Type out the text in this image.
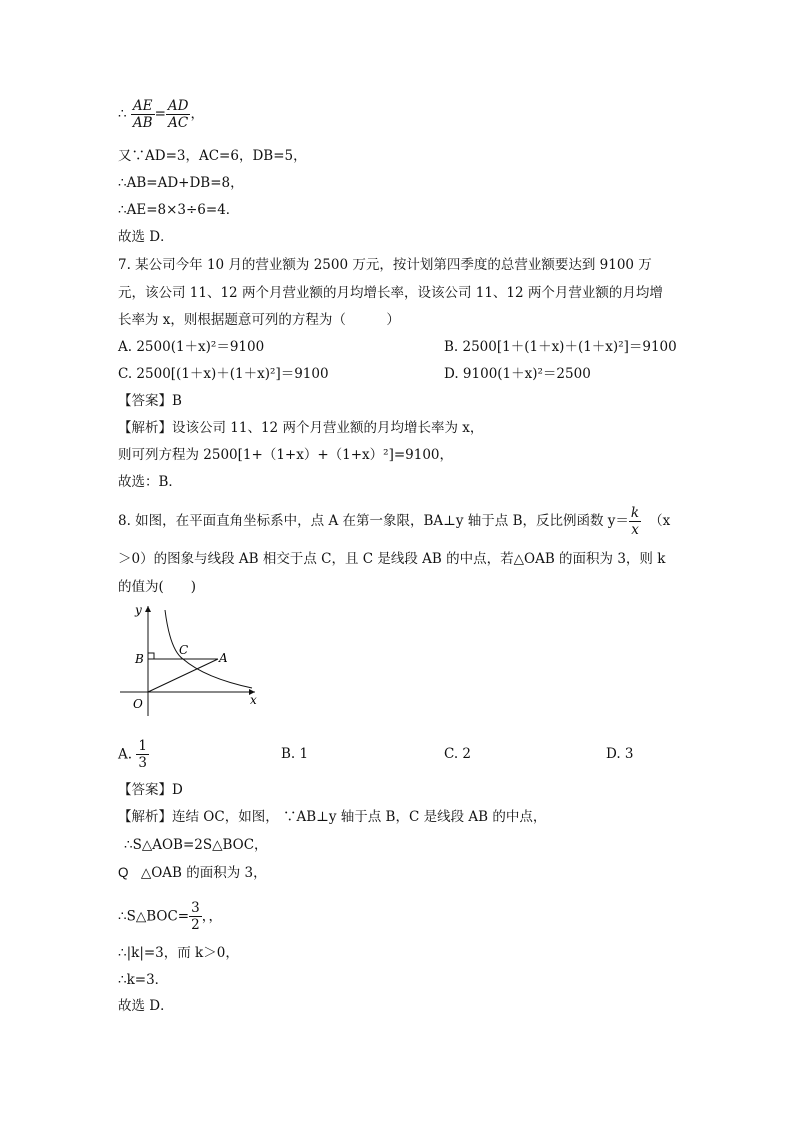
∴ $\frac{AE}{AB} = \frac{AD}{AC}$ ，
又∵AD=3，AC=6，DB=5，
∴AB=AD+DB=8，
∴AE=8×3÷6=4．
故选 D．
7. 某公司今年 10 月的营业额为 2500 万元，按计划第四季度的总营业额要达到 9100 万
元，该公司 11、12 两个月营业额的月均增长率，设该公司 11、12 两个月营业额的月均增
长率为 x，则根据题意可列的方程为（　　　）
A. 2500(1＋x)²＝9100	B. 2500[1＋(1＋x)＋(1＋x)²]＝9100
C. 2500[(1＋x)＋(1＋x)²]＝9100	D. 9100(1＋x)²＝2500
【答案】B
【解析】设该公司 11、12 两个月营业额的月均增长率为 x，
则可列方程为 2500[1+（1+x）+（1+x）²]=9100，
故选：B．
8. 如图，在平面直角坐标系中，点 A 在第一象限，BA⊥y 轴于点 B，反比例函数 $y= \frac{k}{x} (x$
＞0）的图象与线段 AB 相交于点 C，且 C 是线段 AB 的中点，若△OAB 的面积为 3，则 k
的值为(　　)
y
x
O
B
C
A
A. $\frac{1}{3}$	B. 1	C. 2	D. 3
【答案】D
【解析】连结 OC，如图， ∵AB⊥y 轴于点 B，C 是线段 AB 的中点，
∴S△AOB=2S△BOC，
Q △OAB 的面积为 3，
∴S△BOC= $\frac{3}{2}$ ，，
∴|k|=3，而 k＞0，
∴k=3．
故选 D．
